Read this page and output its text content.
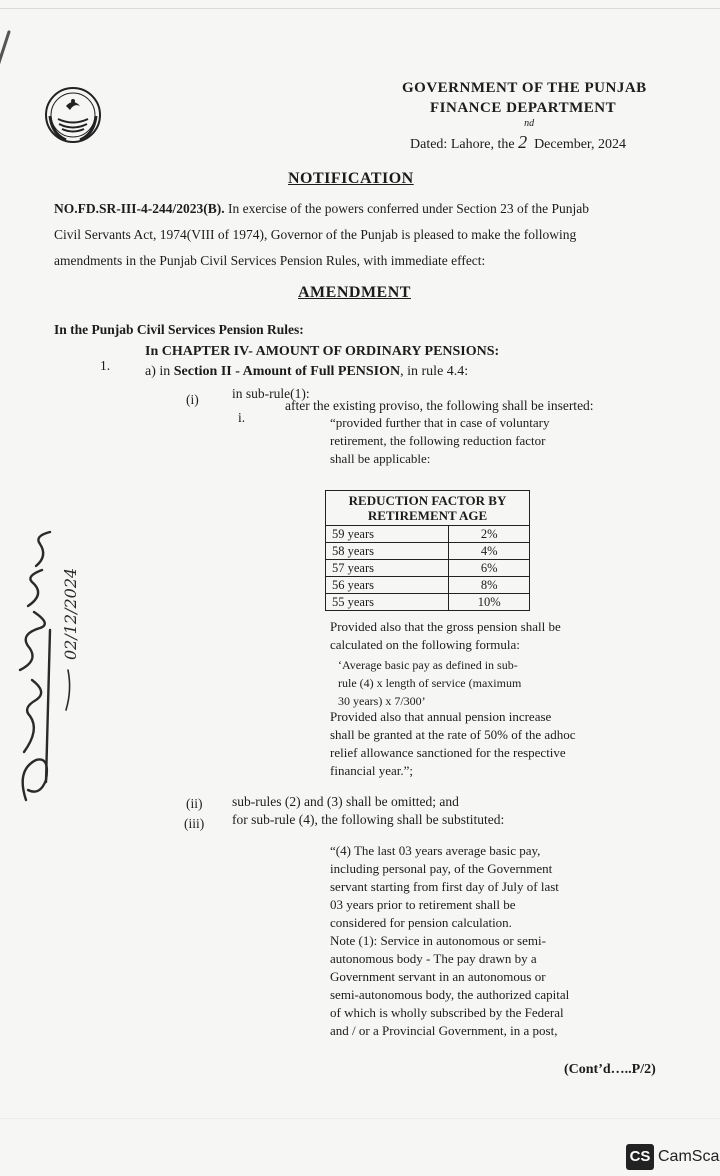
GOVERNMENT OF THE PUNJAB
FINANCE DEPARTMENT
Dated: Lahore, the 2
nd
December, 2024
NOTIFICATION

NO.FD.SR-III-4-244/2023(B). In exercise of the powers conferred under Section 23 of the Punjab

Civil Servants Act, 1974(VIII of 1974), Governor of the Punjab is pleased to make the following

amendments in the Punjab Civil Services Pension Rules, with immediate effect:

AMENDMENT
In the Punjab Civil Services Pension Rules:
1.
In CHAPTER IV- AMOUNT OF ORDINARY PENSIONS:
a) in Section II - Amount of Full PENSION, in rule 4.4:
(i) in sub-rule(1):
i.
after the existing proviso, the following shall be inserted:

“provided further that in case of voluntary

retirement, the following reduction factor

shall be applicable:

REDUCTION FACTOR BY
RETIREMENT AGE	

59 years	2%
58 years	4%
57 years	6%
56 years	8%
55 years	10%

Provided also that the gross pension shall be

calculated on the following formula:

‘Average basic pay as defined in sub-

rule (4) x length of service (maximum

30 years) x 7/300’

Provided also that annual pension increase

shall be granted at the rate of 50% of the adhoc

relief allowance sanctioned for the respective

financial year.”;

(ii) sub-rules (2) and (3) shall be omitted; and
(iii) for sub-rule (4), the following shall be substituted:

“(4) The last 03 years average basic pay,

including personal pay, of the Government

servant starting from first day of July of last

03 years prior to retirement shall be

considered for pension calculation.

Note (1): Service in autonomous or semi-

autonomous body - The pay drawn by a

Government servant in an autonomous or

semi-autonomous body, the authorized capital

of which is wholly subscribed by the Federal

and / or a Provincial Government, in a post,

02/12/2024
(Cont’d…..P/2)
CS CamSca
